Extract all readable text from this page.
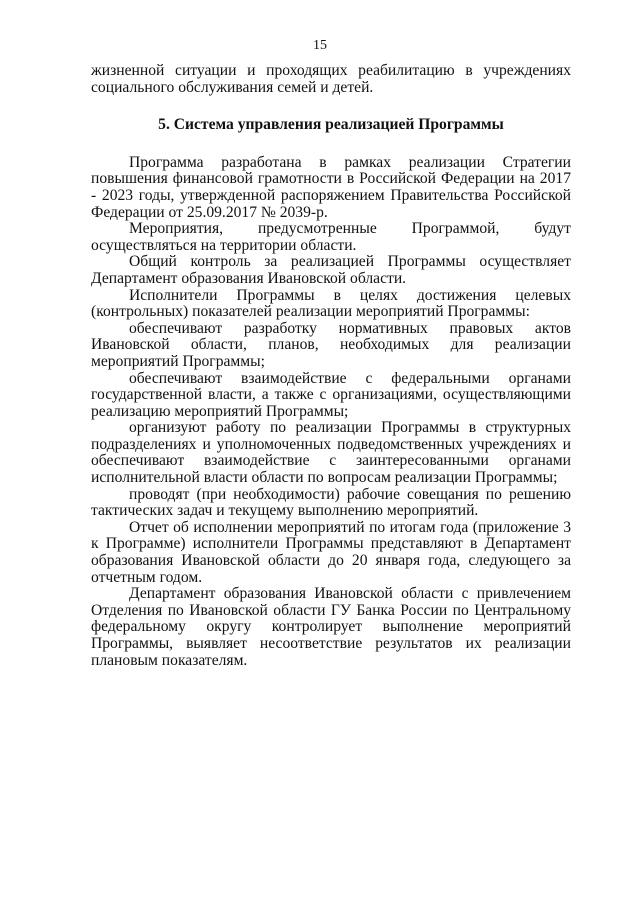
15

жизненной ситуации и проходящих реабилитацию в учреждениях социального обслуживания семей и детей.

5. Система управления реализацией Программы

Программа разработана в рамках реализации Стратегии повышения финансовой грамотности в Российской Федерации на 2017 - 2023 годы, утвержденной распоряжением Правительства Российской Федерации от 25.09.2017 № 2039-р.

Мероприятия, предусмотренные Программой, будут осуществляться на территории области.

Общий контроль за реализацией Программы осуществляет Департамент образования Ивановской области.

Исполнители Программы в целях достижения целевых (контрольных) показателей реализации мероприятий Программы:

обеспечивают разработку нормативных правовых актов Ивановской области, планов, необходимых для реализации мероприятий Программы;

обеспечивают взаимодействие с федеральными органами государственной власти, а также с организациями, осуществляющими реализацию мероприятий Программы;

организуют работу по реализации Программы в структурных подразделениях и уполномоченных подведомственных учреждениях и обеспечивают взаимодействие с заинтересованными органами исполнительной власти области по вопросам реализации Программы;

проводят (при необходимости) рабочие совещания по решению тактических задач и текущему выполнению мероприятий.

Отчет об исполнении мероприятий по итогам года (приложение 3 к Программе) исполнители Программы представляют в Департамент образования Ивановской области до 20 января года, следующего за отчетным годом.

Департамент образования Ивановской области с привлечением Отделения по Ивановской области ГУ Банка России по Центральному федеральному округу контролирует выполнение мероприятий Программы, выявляет несоответствие результатов их реализации плановым показателям.
